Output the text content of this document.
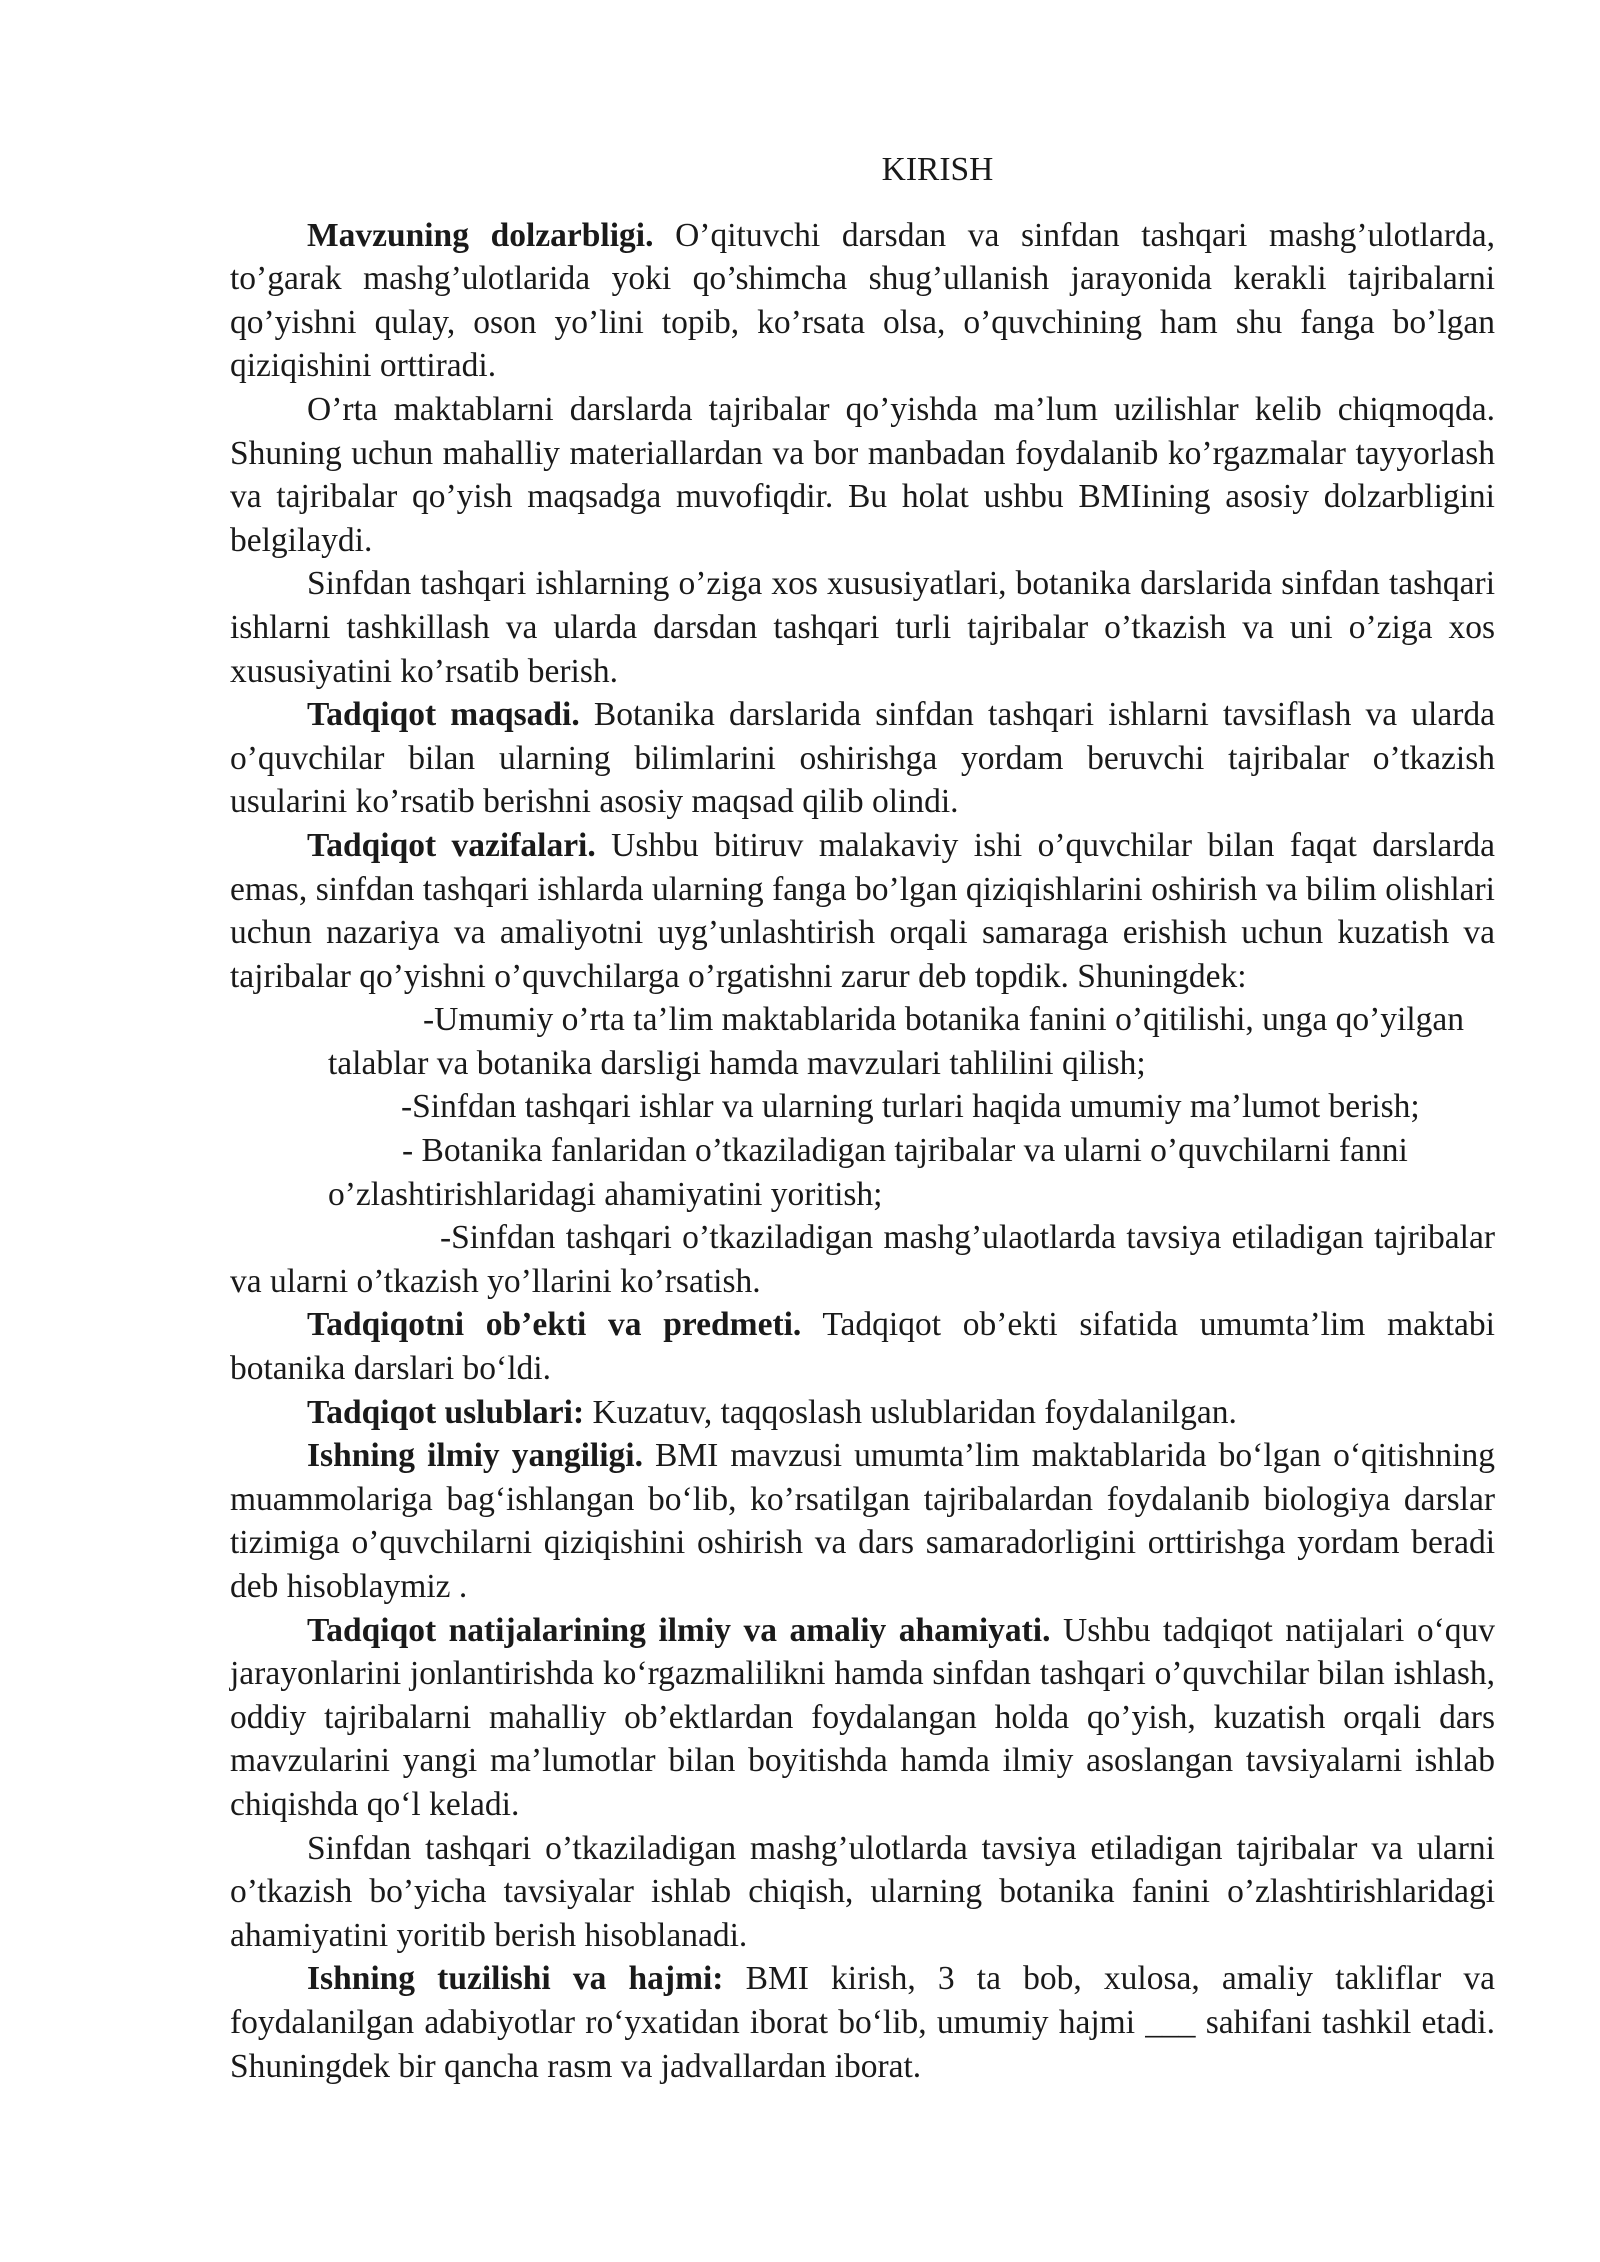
KIRISH

Mavzuning dolzarbligi. O’qituvchi darsdan va sinfdan tashqari mashg’ulotlarda, to’garak mashg’ulotlarida yoki qo’shimcha shug’ullanish jarayonida kerakli tajribalarni qo’yishni qulay, oson yo’lini topib, ko’rsata olsa, o’quvchining ham shu fanga bo’lgan qiziqishini orttiradi.

O’rta maktablarni darslarda tajribalar qo’yishda ma’lum uzilishlar kelib chiqmoqda. Shuning uchun mahalliy materiallardan va bor manbadan foydalanib ko’rgazmalar tayyorlash va tajribalar qo’yish maqsadga muvofiqdir. Bu holat ushbu BMIining asosiy dolzarbligini belgilaydi.

Sinfdan tashqari ishlarning o’ziga xos xususiyatlari, botanika darslarida sinfdan tashqari ishlarni tashkillash va ularda darsdan tashqari turli tajribalar o’tkazish va uni o’ziga xos xususiyatini ko’rsatib berish.

Tadqiqot maqsadi. Botanika darslarida sinfdan tashqari ishlarni tavsiflash va ularda o’quvchilar bilan ularning bilimlarini oshirishga yordam beruvchi tajribalar o’tkazish usularini ko’rsatib berishni asosiy maqsad qilib olindi.

Tadqiqot vazifalari. Ushbu bitiruv malakaviy ishi o’quvchilar bilan faqat darslarda emas, sinfdan tashqari ishlarda ularning fanga bo’lgan qiziqishlarini oshirish va bilim olishlari uchun nazariya va amaliyotni uyg’unlashtirish orqali samaraga erishish uchun kuzatish va tajribalar qo’yishni o’quvchilarga o’rgatishni zarur deb topdik. Shuningdek:

-Umumiy o’rta ta’lim maktablarida botanika fanini o’qitilishi, unga qo’yilgan talablar va botanika darsligi hamda mavzulari tahlilini qilish;

-Sinfdan tashqari ishlar va ularning turlari haqida umumiy ma’lumot berish;

- Botanika fanlaridan o’tkaziladigan tajribalar va ularni o’quvchilarni fanni o’zlashtirishlaridagi ahamiyatini yoritish;

-Sinfdan tashqari o’tkaziladigan mashg’ulaotlarda tavsiya etiladigan tajribalar va ularni o’tkazish yo’llarini ko’rsatish.

Tadqiqotni ob’ekti va predmeti. Tadqiqot ob’ekti sifatida umumta’lim maktabi botanika darslari bo‘ldi.

Tadqiqot uslublari: Kuzatuv, taqqoslash uslublaridan foydalanilgan.

Ishning ilmiy yangiligi. BMI mavzusi umumta’lim maktablarida bo‘lgan o‘qitishning muammolariga bag‘ishlangan bo‘lib, ko’rsatilgan tajribalardan foydalanib biologiya darslar tizimiga o’quvchilarni qiziqishini oshirish va dars samaradorligini orttirishga yordam beradi deb hisoblaymiz .

Tadqiqot natijalarining ilmiy va amaliy ahamiyati. Ushbu tadqiqot natijalari o‘quv jarayonlarini jonlantirishda ko‘rgazmalilikni hamda sinfdan tashqari o’quvchilar bilan ishlash, oddiy tajribalarni mahalliy ob’ektlardan foydalangan holda qo’yish, kuzatish orqali dars mavzularini yangi ma’lumotlar bilan boyitishda hamda ilmiy asoslangan tavsiyalarni ishlab chiqishda qo‘l keladi.

Sinfdan tashqari o’tkaziladigan mashg’ulotlarda tavsiya etiladigan tajribalar va ularni o’tkazish bo’yicha tavsiyalar ishlab chiqish, ularning botanika fanini o’zlashtirishlaridagi ahamiyatini yoritib berish hisoblanadi.

Ishning tuzilishi va hajmi: BMI kirish, 3 ta bob, xulosa, amaliy takliflar va foydalanilgan adabiyotlar ro‘yxatidan iborat bo‘lib, umumiy hajmi ___ sahifani tashkil etadi. Shuningdek bir qancha rasm va jadvallardan iborat.
